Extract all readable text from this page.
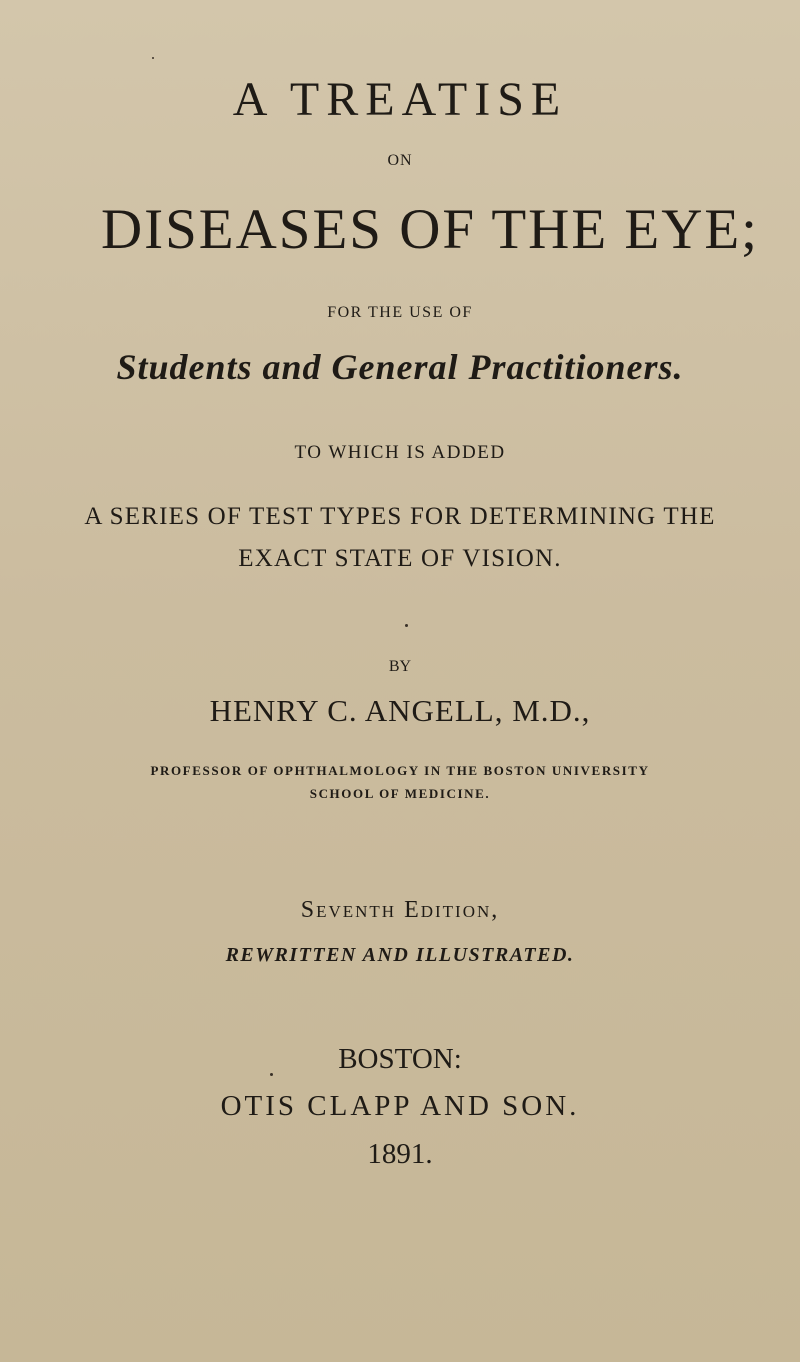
A TREATISE
ON
DISEASES OF THE EYE;
FOR THE USE OF
Students and General Practitioners.
TO WHICH IS ADDED
A SERIES OF TEST TYPES FOR DETERMINING THE
EXACT STATE OF VISION.
BY
HENRY C. ANGELL, M.D.,
PROFESSOR OF OPHTHALMOLOGY IN THE BOSTON UNIVERSITY
SCHOOL OF MEDICINE.
Seventh Edition,
REWRITTEN AND ILLUSTRATED.
BOSTON:
OTIS CLAPP AND SON.
1891.
